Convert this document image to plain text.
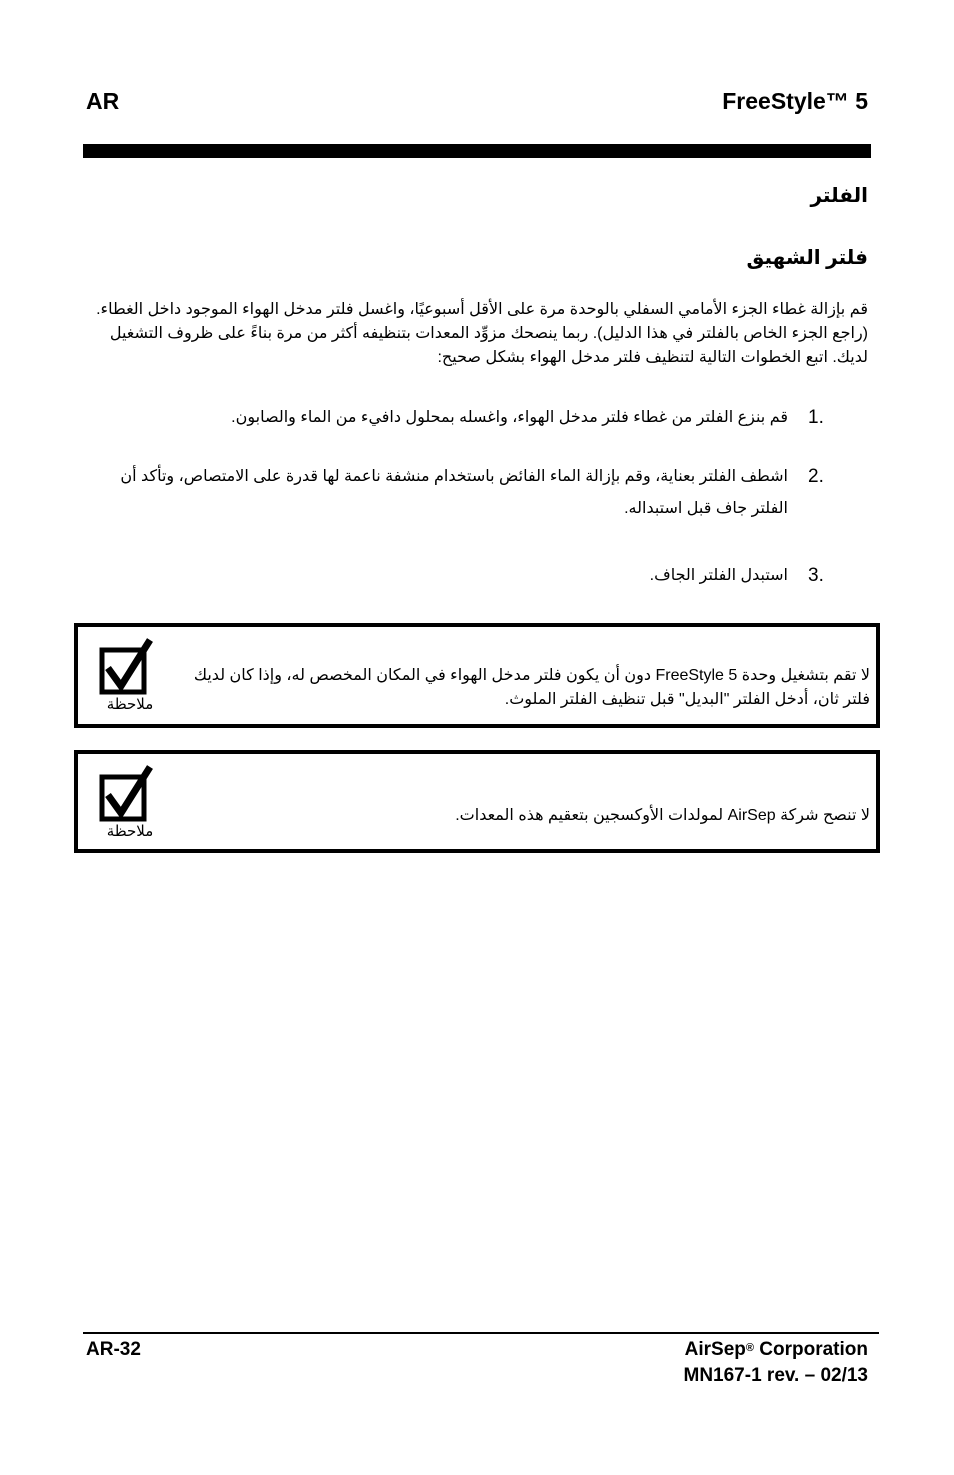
AR	FreeStyle™ 5
الفلتر
فلتر الشهيق

قم بإزالة غطاء الجزء الأمامي السفلي بالوحدة مرة على الأقل أسبوعيًا، واغسل فلتر مدخل الهواء الموجود داخل الغطاء. (راجع الجزء الخاص بالفلتر في هذا الدليل). ربما ينصحك مزوِّد المعدات بتنظيفه أكثر من مرة بناءً على ظروف التشغيل لديك. اتبع الخطوات التالية لتنظيف فلتر مدخل الهواء بشكل صحيح:

1.
قم بنزع الفلتر من غطاء فلتر مدخل الهواء، واغسله بمحلول دافيء من الماء والصابون.
2.
اشطف الفلتر بعناية، وقم بإزالة الماء الفائض باستخدام منشفة ناعمة لها قدرة على الامتصاص، وتأكد أن الفلتر جاف قبل استبداله.
3.
استبدل الفلتر الجاف.
ملاحظة
لا تقم بتشغيل وحدة FreeStyle 5 دون أن يكون فلتر مدخل الهواء في المكان المخصص له، وإذا كان لديك فلتر ثان، أدخل الفلتر "البديل" قبل تنظيف الفلتر الملوث.
ملاحظة
لا تنصح شركة AirSep لمولدات الأوكسجين بتعقيم هذه المعدات.
AR-32	AirSep® Corporation
MN167-1 rev. – 02/13
